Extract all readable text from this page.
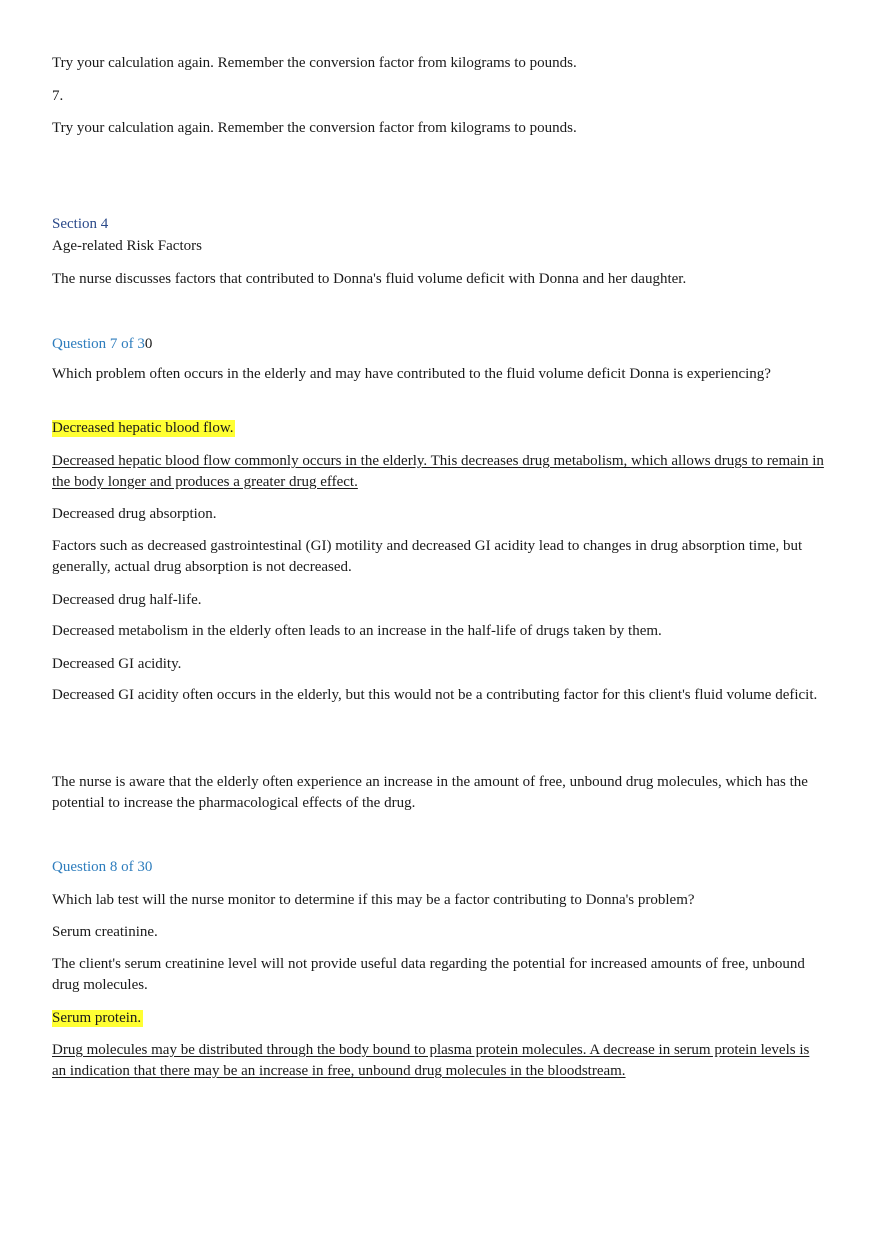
Try your calculation again. Remember the conversion factor from kilograms to pounds.
7.
Try your calculation again. Remember the conversion factor from kilograms to pounds.
Section 4
Age-related Risk Factors
The nurse discusses factors that contributed to Donna's fluid volume deficit with Donna and her daughter.
Question 7 of 30
Which problem often occurs in the elderly and may have contributed to the fluid volume deficit Donna is experiencing?
Decreased hepatic blood flow.
Decreased hepatic blood flow commonly occurs in the elderly. This decreases drug metabolism, which allows drugs to remain in the body longer and produces a greater drug effect.
Decreased drug absorption.
Factors such as decreased gastrointestinal (GI) motility and decreased GI acidity lead to changes in drug absorption time, but generally, actual drug absorption is not decreased.
Decreased drug half-life.
Decreased metabolism in the elderly often leads to an increase in the half-life of drugs taken by them.
Decreased GI acidity.
Decreased GI acidity often occurs in the elderly, but this would not be a contributing factor for this client's fluid volume deficit.
The nurse is aware that the elderly often experience an increase in the amount of free, unbound drug molecules, which has the potential to increase the pharmacological effects of the drug.
Question 8 of 30
Which lab test will the nurse monitor to determine if this may be a factor contributing to Donna's problem?
Serum creatinine.
The client's serum creatinine level will not provide useful data regarding the potential for increased amounts of free, unbound drug molecules.
Serum protein.
Drug molecules may be distributed through the body bound to plasma protein molecules. A decrease in serum protein levels is an indication that there may be an increase in free, unbound drug molecules in the bloodstream.
